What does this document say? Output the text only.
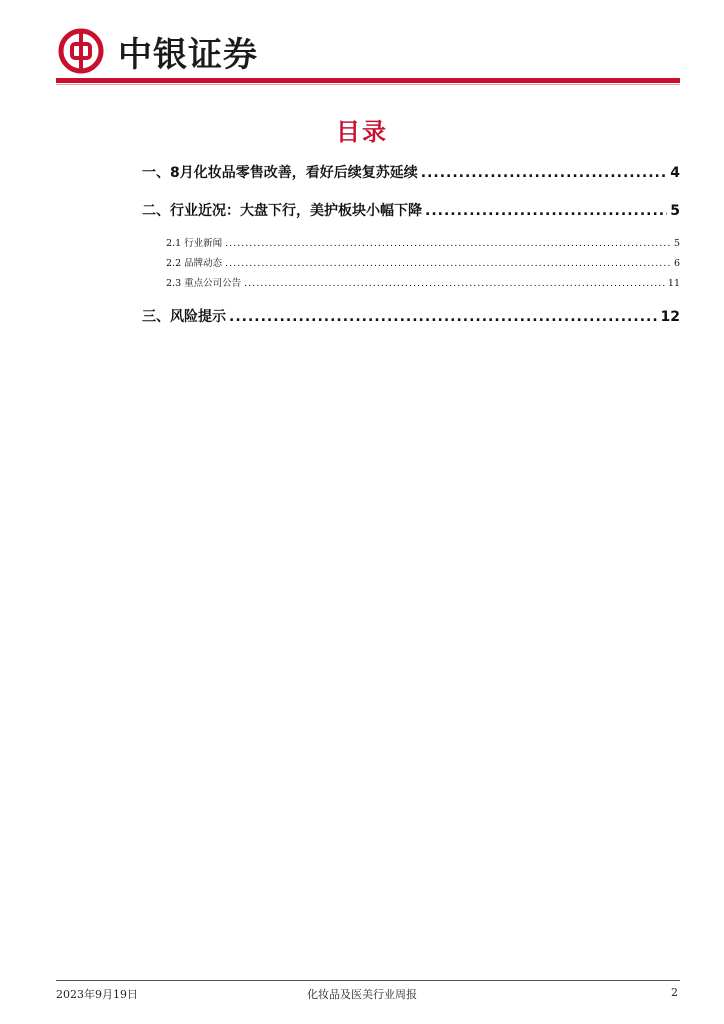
中银证券
目录
一、8月化妆品零售改善，看好后续复苏延续 .....	4
二、行业近况：大盘下行，美护板块小幅下降 .....	5
2.1 行业新闻 .....	5
2.2 品牌动态 .....	6
2.3 重点公司公告 .....	11
三、风险提示 .....	12
2023年9月19日	化妆品及医美行业周报	2
